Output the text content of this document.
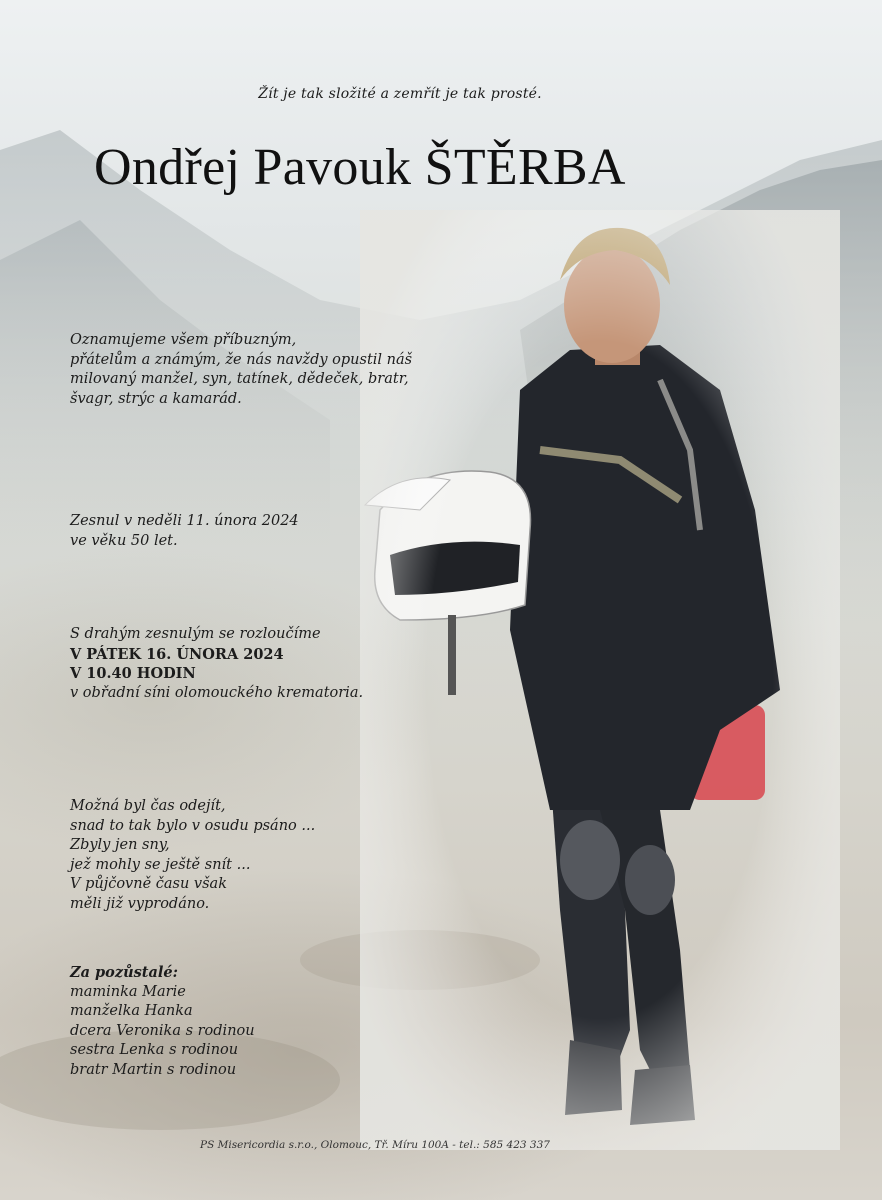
Žít je tak složité a zemřít je tak prosté.
Ondřej Pavouk ŠTĚRBA

Oznamujeme všem příbuzným,

přátelům a známým, že nás navždy opustil náš

milovaný manžel, syn, tatínek, dědeček, bratr,

švagr, strýc a kamarád.

Zesnul v neděli 11. února 2024

ve věku 50 let.

S drahým zesnulým se rozloučíme

V PÁTEK 16. ÚNORA 2024

V 10.40 HODIN

v obřadní síni olomouckého krematoria.

Možná byl čas odejít,

snad to tak bylo v osudu psáno ...

Zbyly jen sny,

jež mohly se ještě snít ...

V půjčovně času však

měli již vyprodáno.

Za pozůstalé:

maminka Marie

manželka Hanka

dcera Veronika s rodinou

sestra Lenka s rodinou

bratr Martin s rodinou

PS Misericordia s.r.o., Olomouc, Tř. Míru 100A - tel.: 585 423 337
